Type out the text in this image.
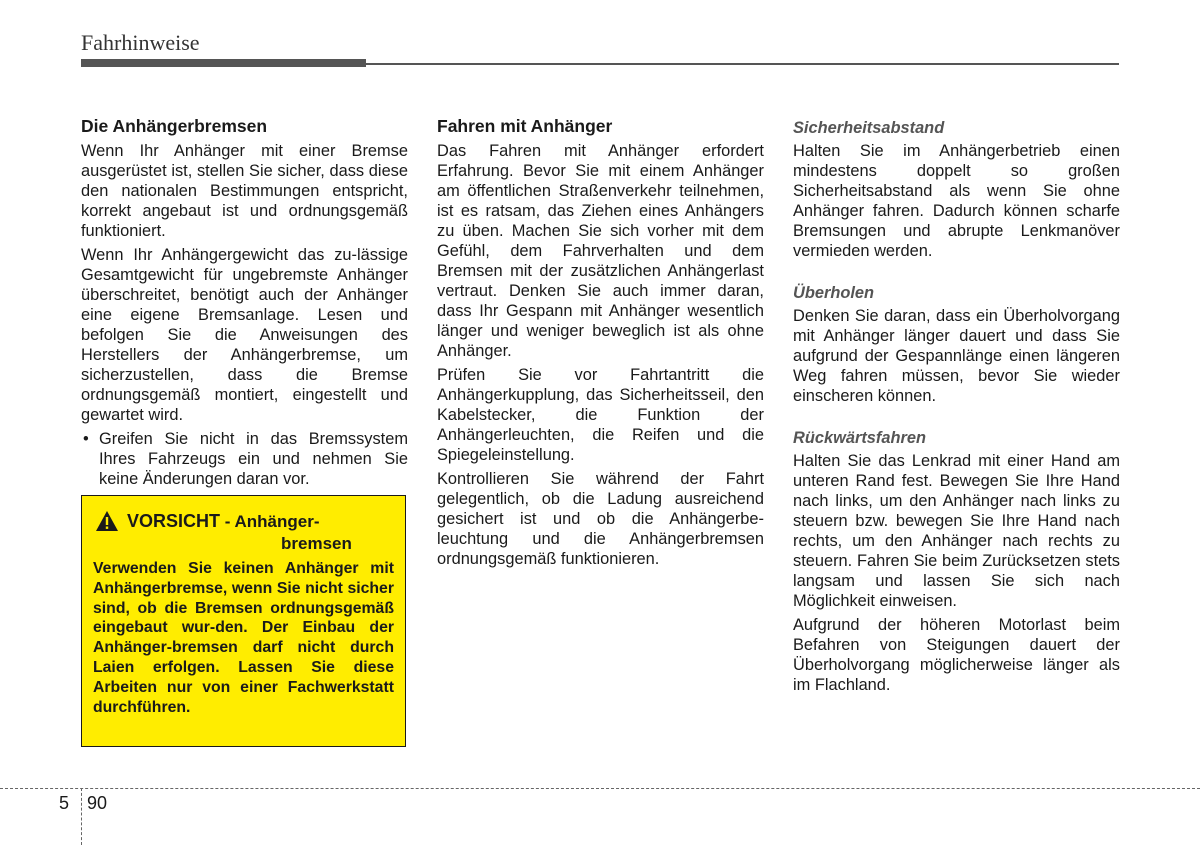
Fahrhinweise
Die Anhängerbremsen
Wenn Ihr Anhänger mit einer Bremse ausgerüstet ist, stellen Sie sicher, dass diese den nationalen Bestimmungen entspricht, korrekt angebaut ist und ordnungsgemäß funktioniert.
Wenn Ihr Anhängergewicht das zu-lässige Gesamtgewicht für ungebremste Anhänger überschreitet, benötigt auch der Anhänger eine eigene Bremsanlage. Lesen und befolgen Sie die Anweisungen des Herstellers der Anhängerbremse, um sicherzustellen, dass die Bremse ordnungsgemäß montiert, eingestellt und gewartet wird.
• Greifen Sie nicht in das Bremssystem Ihres Fahrzeugs ein und nehmen Sie keine Änderungen daran vor.
VORSICHT - Anhänger-
bremsen
Verwenden Sie keinen Anhänger mit Anhängerbremse, wenn Sie nicht sicher sind, ob die Bremsen ordnungsgemäß eingebaut wur-den. Der Einbau der Anhänger-bremsen darf nicht durch Laien erfolgen. Lassen Sie diese Arbeiten nur von einer Fachwerkstatt durchführen.
Fahren mit Anhänger
Das Fahren mit Anhänger erfordert Erfahrung. Bevor Sie mit einem Anhänger am öffentlichen Straßenverkehr teilnehmen, ist es ratsam, das Ziehen eines Anhängers zu üben. Machen Sie sich vorher mit dem Gefühl, dem Fahrverhalten und dem Bremsen mit der zusätzlichen Anhängerlast vertraut. Denken Sie auch immer daran, dass Ihr Gespann mit Anhänger wesentlich länger und weniger beweglich ist als ohne Anhänger.
Prüfen Sie vor Fahrtantritt die Anhängerkupplung, das Sicherheitsseil, den Kabelstecker, die Funktion der Anhängerleuchten, die Reifen und die Spiegeleinstellung.
Kontrollieren Sie während der Fahrt gelegentlich, ob die Ladung ausreichend gesichert ist und ob die Anhängerbe-leuchtung und die Anhängerbremsen ordnungsgemäß funktionieren.
Sicherheitsabstand
Halten Sie im Anhängerbetrieb einen mindestens doppelt so großen Sicherheitsabstand als wenn Sie ohne Anhänger fahren. Dadurch können scharfe Bremsungen und abrupte Lenkmanöver vermieden werden.
Überholen
Denken Sie daran, dass ein Überholvorgang mit Anhänger länger dauert und dass Sie aufgrund der Gespannlänge einen längeren Weg fahren müssen, bevor Sie wieder einscheren können.
Rückwärtsfahren
Halten Sie das Lenkrad mit einer Hand am unteren Rand fest. Bewegen Sie Ihre Hand nach links, um den Anhänger nach links zu steuern bzw. bewegen Sie Ihre Hand nach rechts, um den Anhänger nach rechts zu steuern. Fahren Sie beim Zurücksetzen stets langsam und lassen Sie sich nach Möglichkeit einweisen.
Aufgrund der höheren Motorlast beim Befahren von Steigungen dauert der Überholvorgang möglicherweise länger als im Flachland.
5 90
